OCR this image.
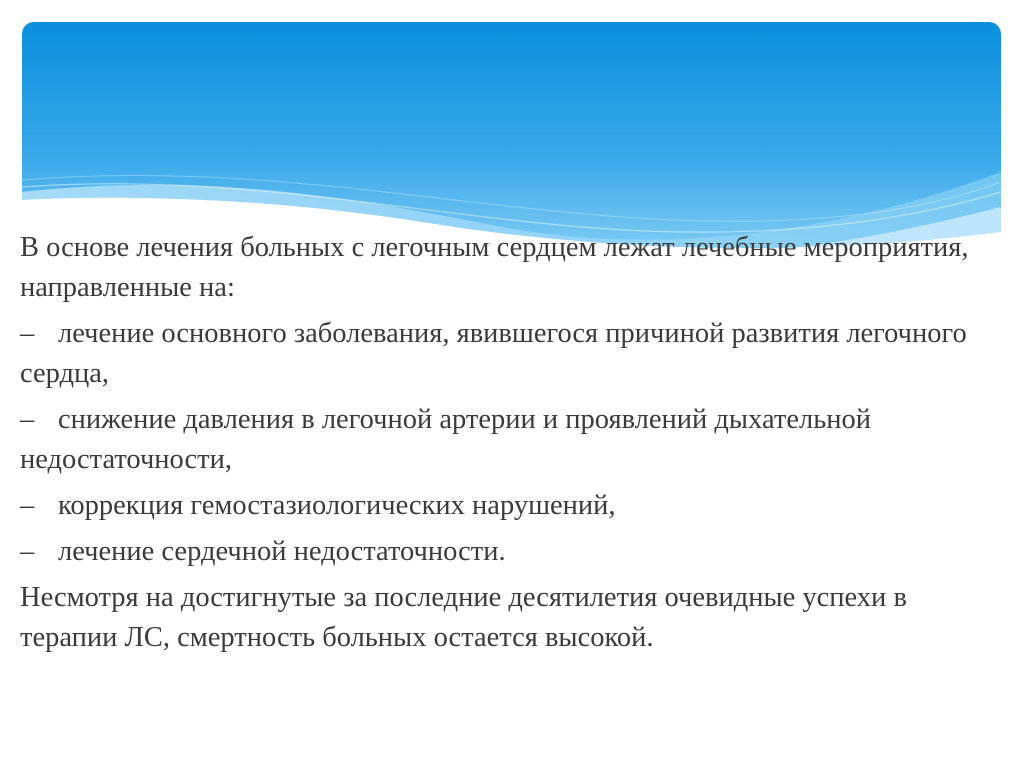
В основе лечения больных с легочным сердцем лежат лечебные мероприятия, направленные на:

– лечение основного заболевания, явившегося причиной развития легочного сердца,

– снижение давления в легочной артерии и проявлений дыхательной недостаточности,

– коррекция гемостазиологических нарушений,

– лечение сердечной недостаточности.

Несмотря на достигнутые за последние десятилетия очевидные успехи в терапии ЛС, смертность больных остается высокой.
